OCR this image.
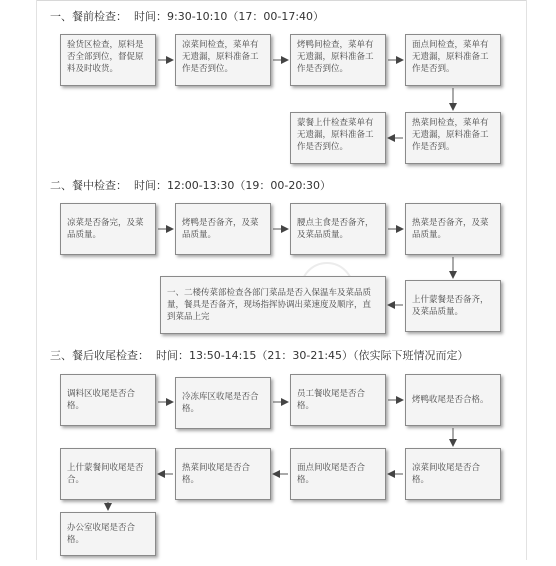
一、餐前检查： 时间：9:30-10:10（17：00-17:40）
验货区检查，原料是否全部到位，督促原料及时收货。
凉菜间检查，菜单有无遗漏，原料准备工作是否到位。
烤鸭间检查，菜单有无遗漏，原料准备工作是否到位。
面点间检查，菜单有无遗漏，原料准备工作是否到。
热菜间检查，菜单有无遗漏，原料准备工作是否到。
蒙餐上什检查菜单有无遗漏，原料准备工作是否到位。
二、餐中检查： 时间：12:00-13:30（19：00-20:30）
凉菜是否备完，及菜品质量。
烤鸭是否备齐，及菜品质量。
腰点主食是否备齐，及菜品质量。
热菜是否备齐，及菜品质量。
上什蒙餐是否备齐，及菜品质量。
一、二楼传菜部检查各部门菜品是否入保温车及菜品质量，餐具是否备齐，现场指挥协调出菜速度及顺序，直到菜品上完
三、餐后收尾检查： 时间：13:50-14:15（21：30-21:45）（依实际下班情况而定）
调料区收尾是否合格。
冷冻库区收尾是否合格。
员工餐收尾是否合格。
烤鸭收尾是否合格。
凉菜间收尾是否合格。
面点间收尾是否合格。
热菜间收尾是否合格。
上什蒙餐间收尾是否合。
办公室收尾是否合格。
